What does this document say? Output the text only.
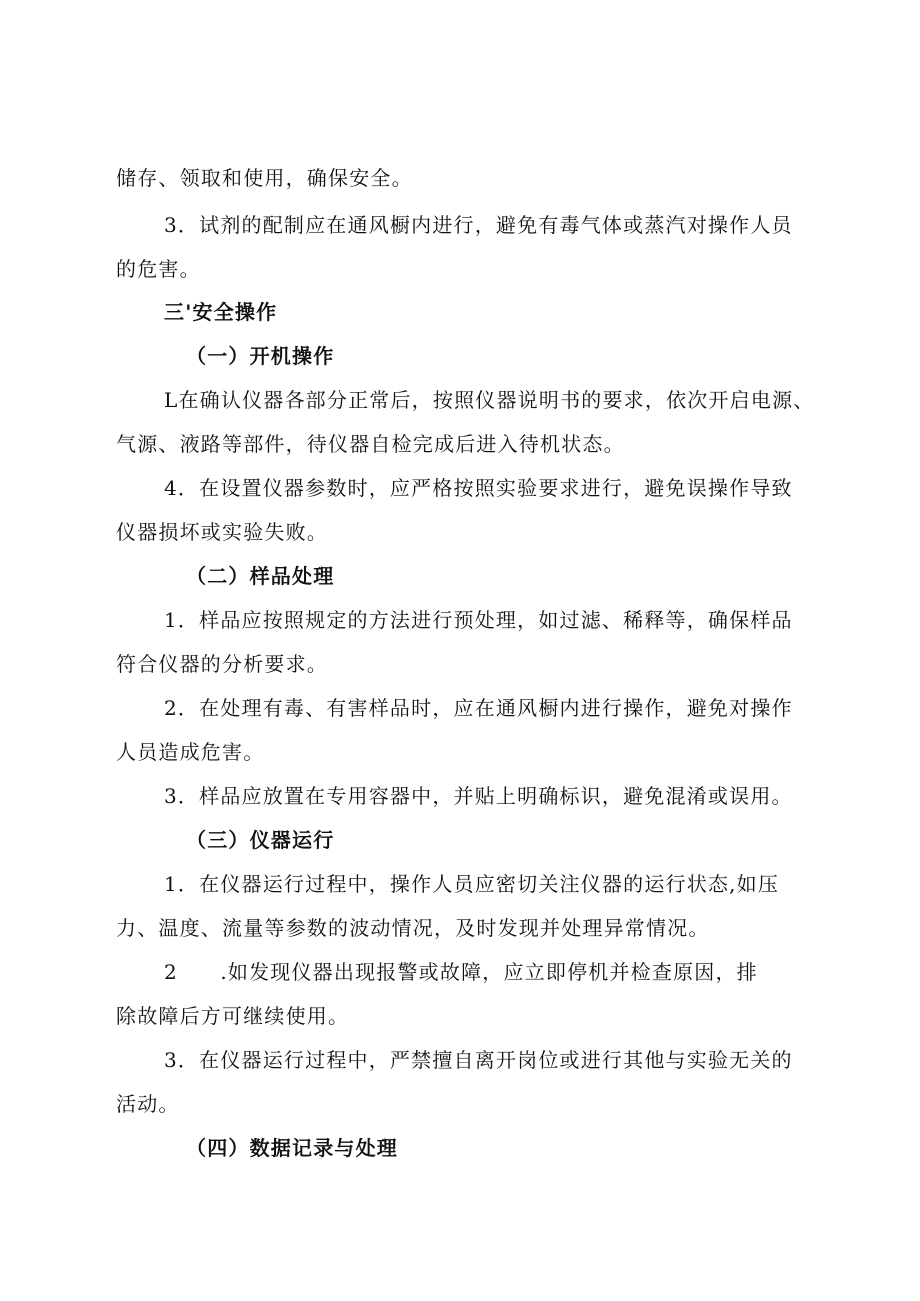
储存、领取和使用，确保安全。
3．试剂的配制应在通风橱内进行，避免有毒气体或蒸汽对操作人员
的危害。
三'安全操作
（一）开机操作
L在确认仪器各部分正常后，按照仪器说明书的要求，依次开启电源、
气源、液路等部件，待仪器自检完成后进入待机状态。
4．在设置仪器参数时，应严格按照实验要求进行，避免误操作导致
仪器损坏或实验失败。
（二）样品处理
1．样品应按照规定的方法进行预处理，如过滤、稀释等，确保样品
符合仪器的分析要求。
2．在处理有毒、有害样品时，应在通风橱内进行操作，避免对操作
人员造成危害。
3．样品应放置在专用容器中，并贴上明确标识，避免混淆或误用。
（三）仪器运行
1．在仪器运行过程中，操作人员应密切关注仪器的运行状态,如压
力、温度、流量等参数的波动情况，及时发现并处理异常情况。
2　　.如发现仪器出现报警或故障，应立即停机并检查原因，排
除故障后方可继续使用。
3．在仪器运行过程中，严禁擅自离开岗位或进行其他与实验无关的
活动。
（四）数据记录与处理
